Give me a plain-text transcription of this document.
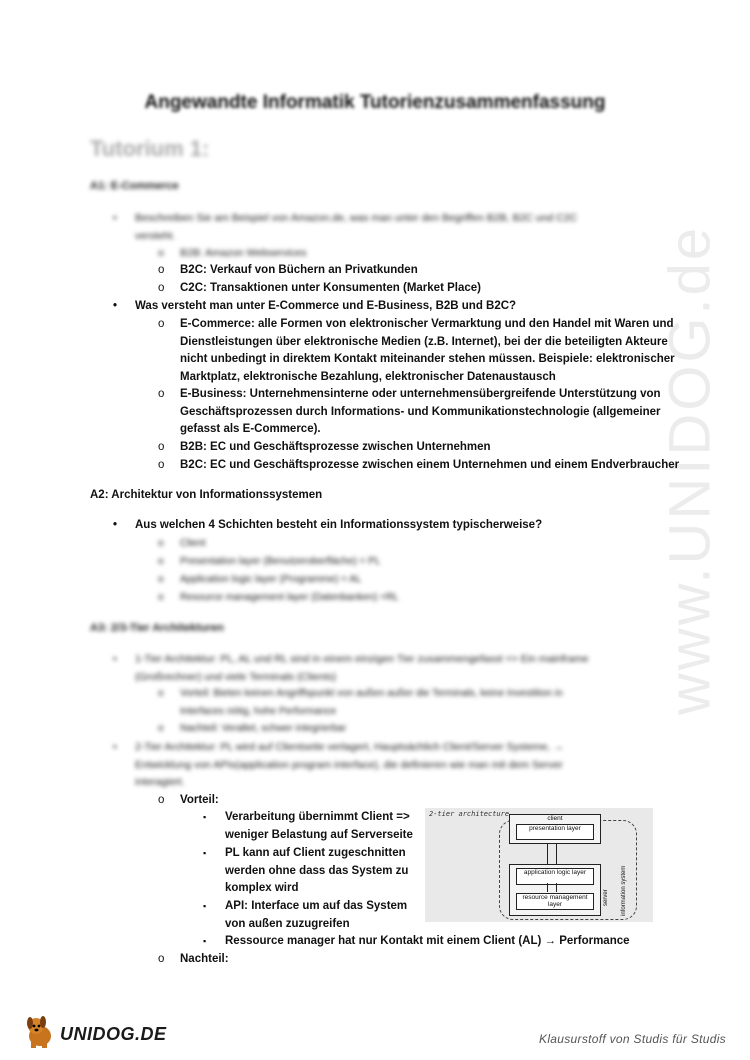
www.UNIDOG.de
Angewandte Informatik Tutorienzusammenfassung
Tutorium 1:
A1: E-Commerce
• Beschreiben Sie am Beispiel von Amazon.de, was man unter den Begriffen B2B, B2C und C2C
versteht.
o B2B: Amazon Webservices
o B2C: Verkauf von Büchern an Privatkunden
o C2C: Transaktionen unter Konsumenten (Market Place)
• Was versteht man unter E-Commerce und E-Business, B2B und B2C?
o E-Commerce: alle Formen von elektronischer Vermarktung und den Handel mit Waren und
Dienstleistungen über elektronische Medien (z.B. Internet), bei der die beteiligten Akteure
nicht unbedingt in direktem Kontakt miteinander stehen müssen. Beispiele: elektronischer
Marktplatz, elektronische Bezahlung, elektronischer Datenaustausch
o E-Business: Unternehmensinterne oder unternehmensübergreifende Unterstützung von
Geschäftsprozessen durch Informations- und Kommunikationstechnologie (allgemeiner
gefasst als E-Commerce).
o B2B: EC und Geschäftsprozesse zwischen Unternehmen
o B2C: EC und Geschäftsprozesse zwischen einem Unternehmen und einem Endverbraucher
A2: Architektur von Informationssystemen
• Aus welchen 4 Schichten besteht ein Informationssystem typischerweise?
o Client
o Presentation layer (Benutzeroberfläche) = PL
o Application logic layer (Programme) = AL
o Resource management layer (Datenbanken) =RL
A3: 2/3-Tier Architekturen
• 1-Tier Architektur: PL, AL und RL sind in einem einzigen Tier zusammengefasst => Ein mainframe
(Großrechner) und viele Terminals (Clients)
o Vorteil: Bieten keinen Angriffspunkt von außen außer die Terminals, keine Investition in
Interfaces nötig, hohe Performance
o Nachteil: Veraltet, schwer integrierbar
• 2-Tier Architektur: PL wird auf Clientseite verlagert, Hauptsächlich Client/Server Systeme, →
Entwicklung von APIs(application program interface), die definieren wie man mit dem Server
interagiert.
o Vorteil:
▪ Verarbeitung übernimmt Client =>
weniger Belastung auf Serverseite
▪ PL kann auf Client zugeschnitten
werden ohne dass das System zu
komplex wird
▪ API: Interface um auf das System
von außen zuzugreifen
▪ Ressource manager hat nur Kontakt mit einem Client (AL) → Performance
o Nachteil:
2-tier architecture
client
presentation layer
application logic layer
resource management layer	server information system
UNIDOG.DE	Klausurstoff von Studis für Studis
